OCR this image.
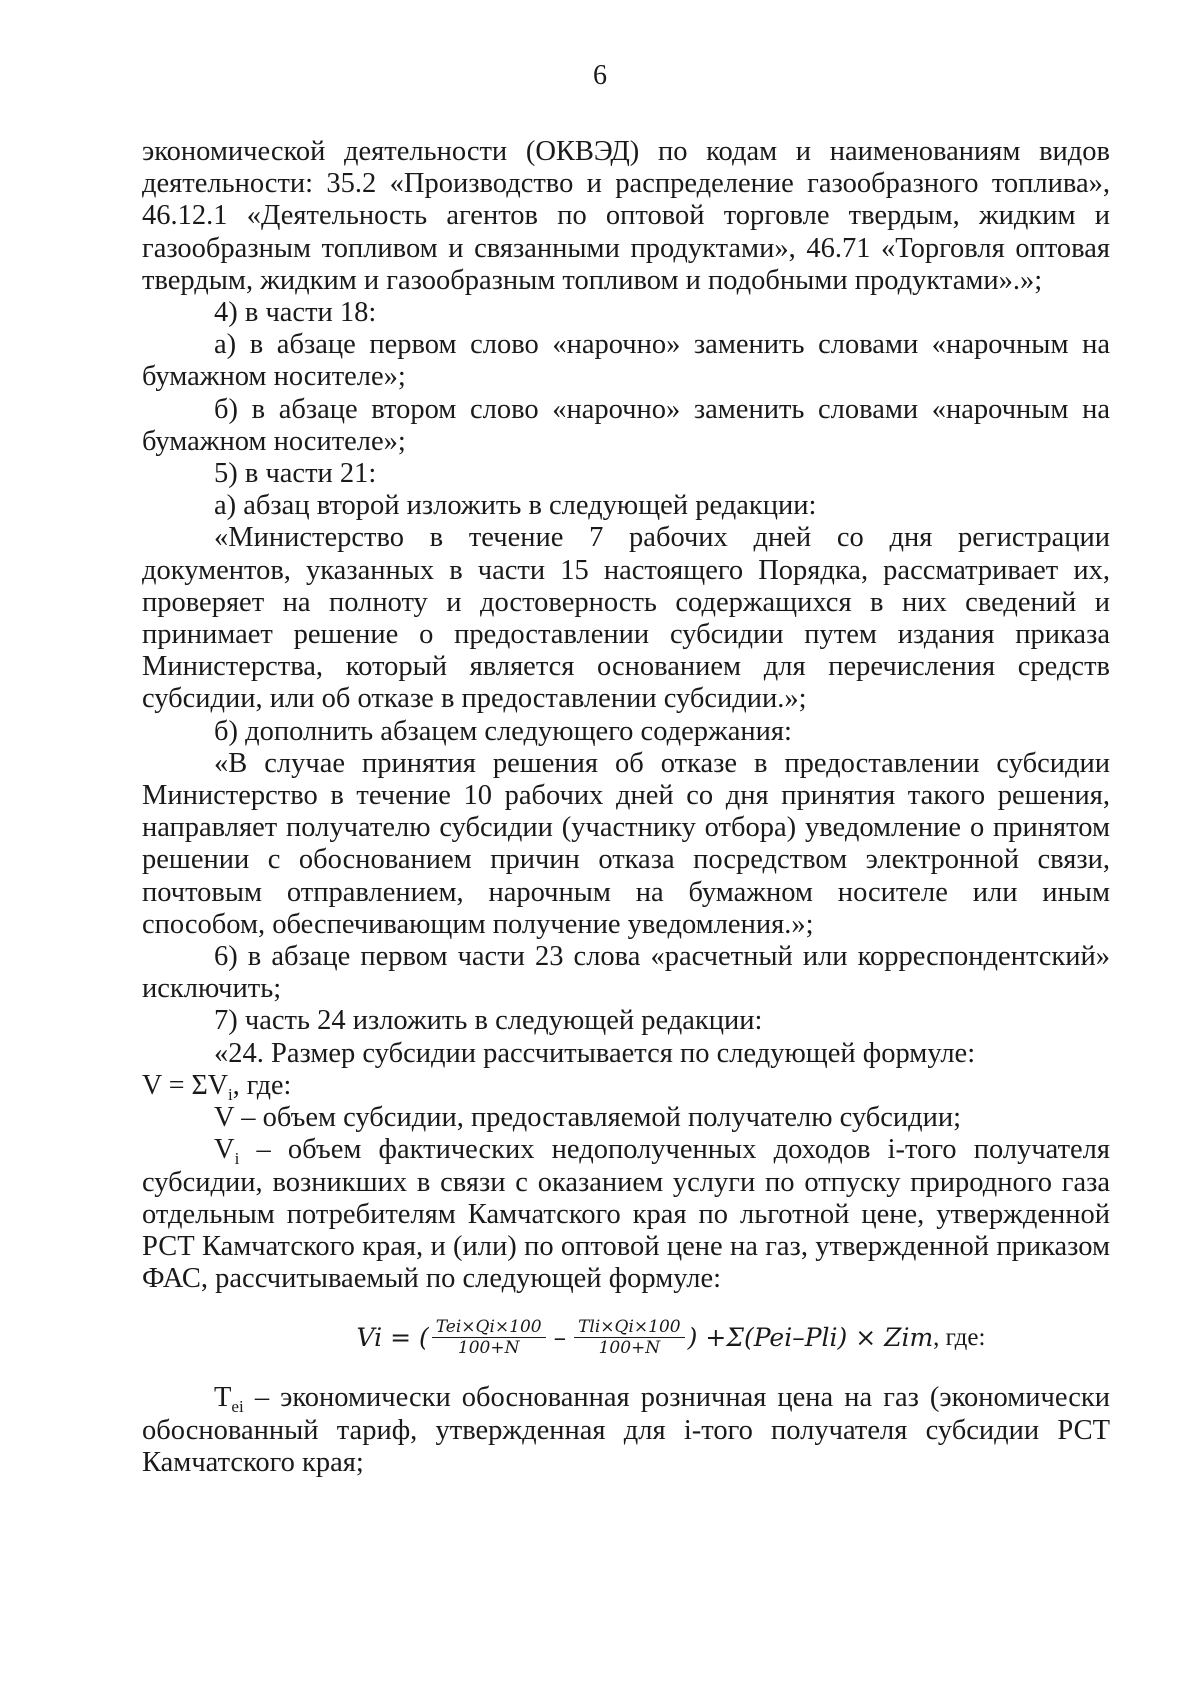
6

экономической деятельности (ОКВЭД) по кодам и наименованиям видов деятельности: 35.2 «Производство и распределение газообразного топлива», 46.12.1 «Деятельность агентов по оптовой торговле твердым, жидким и газообразным топливом и связанными продуктами», 46.71 «Торговля оптовая твердым, жидким и газообразным топливом и подобными продуктами».»;

4) в части 18:

а) в абзаце первом слово «нарочно» заменить словами «нарочным на бумажном носителе»;

б) в абзаце втором слово «нарочно» заменить словами «нарочным на бумажном носителе»;

5) в части 21:

а) абзац второй изложить в следующей редакции:

«Министерство в течение 7 рабочих дней со дня регистрации документов, указанных в части 15 настоящего Порядка, рассматривает их, проверяет на полноту и достоверность содержащихся в них сведений и принимает решение о предоставлении субсидии путем издания приказа Министерства, который является основанием для перечисления средств субсидии, или об отказе в предоставлении субсидии.»;

б) дополнить абзацем следующего содержания:

«В случае принятия решения об отказе в предоставлении субсидии Министерство в течение 10 рабочих дней со дня принятия такого решения, направляет получателю субсидии (участнику отбора) уведомление о принятом решении с обоснованием причин отказа посредством электронной связи, почтовым отправлением, нарочным на бумажном носителе или иным способом, обеспечивающим получение уведомления.»;

6) в абзаце первом части 23 слова «расчетный или корреспондентский» исключить;

7) часть 24 изложить в следующей редакции:

«24. Размер субсидии рассчитывается по следующей формуле:

$V = \Sigma V_i$, где:

V – объем субсидии, предоставляемой получателю субсидии;

$V_i$ – объем фактических недополученных доходов i-того получателя субсидии, возникших в связи с оказанием услуги по отпуску природного газа отдельным потребителям Камчатского края по льготной цене, утвержденной РСТ Камчатского края, и (или) по оптовой цене на газ, утвержденной приказом ФАС, рассчитываемый по следующей формуле:

Vi = ( $\frac{\text{Tei×Qi×100}}{100+N} - \frac{\text{Tli×Qi×100}}{100+N}$ ) +Σ(Pei–Pli) × Zim , где:

$T_{ei}$ – экономически обоснованная розничная цена на газ (экономически обоснованный тариф, утвержденная для i-того получателя субсидии РСТ Камчатского края;
